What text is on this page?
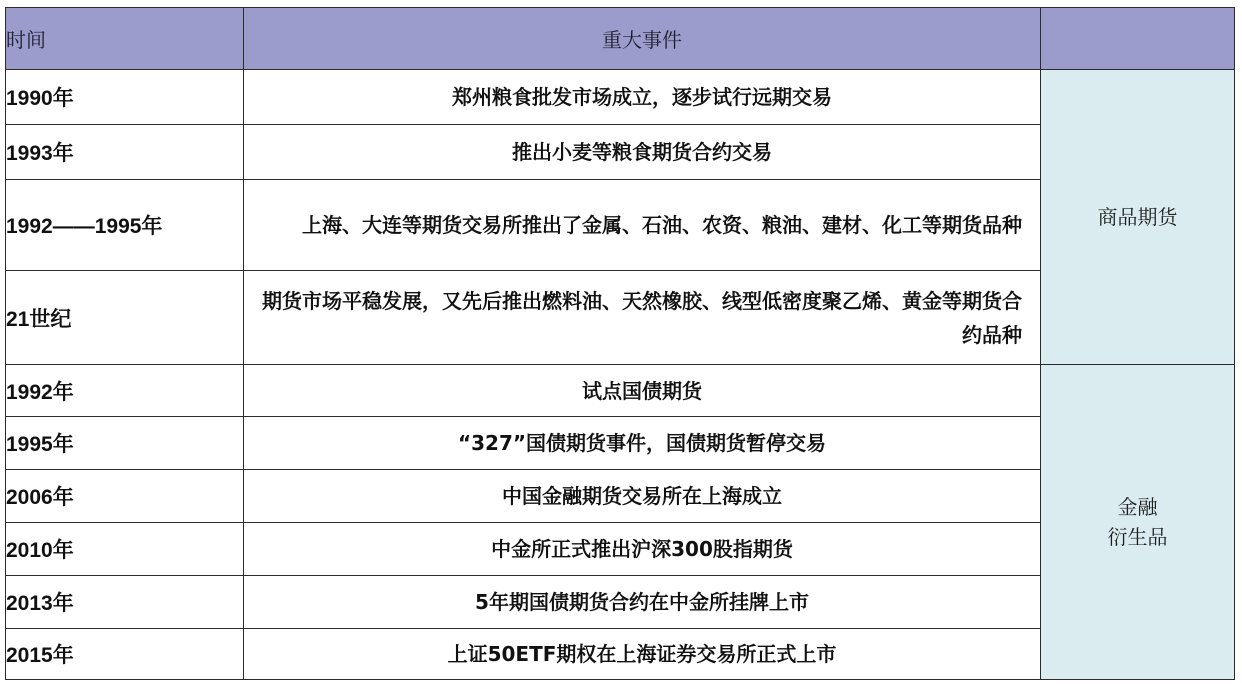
时间	重大事件	
1990年	郑州粮食批发市场成立，逐步试行远期交易	商品期货
1993年	推出小麦等粮食期货合约交易	
1992——1995年	上海、大连等期货交易所推出了金属、石油、农资、粮油、建材、化工等期货品种	
21世纪	期货市场平稳发展，又先后推出燃料油、天然橡胶、线型低密度聚乙烯、黄金等期货合约品种	
1992年	试点国债期货	金融
衍生品
1995年	“327”国债期货事件，国债期货暂停交易	
2006年	中国金融期货交易所在上海成立	
2010年	中金所正式推出沪深300股指期货	
2013年	5年期国债期货合约在中金所挂牌上市	
2015年	上证50ETF期权在上海证券交易所正式上市	
